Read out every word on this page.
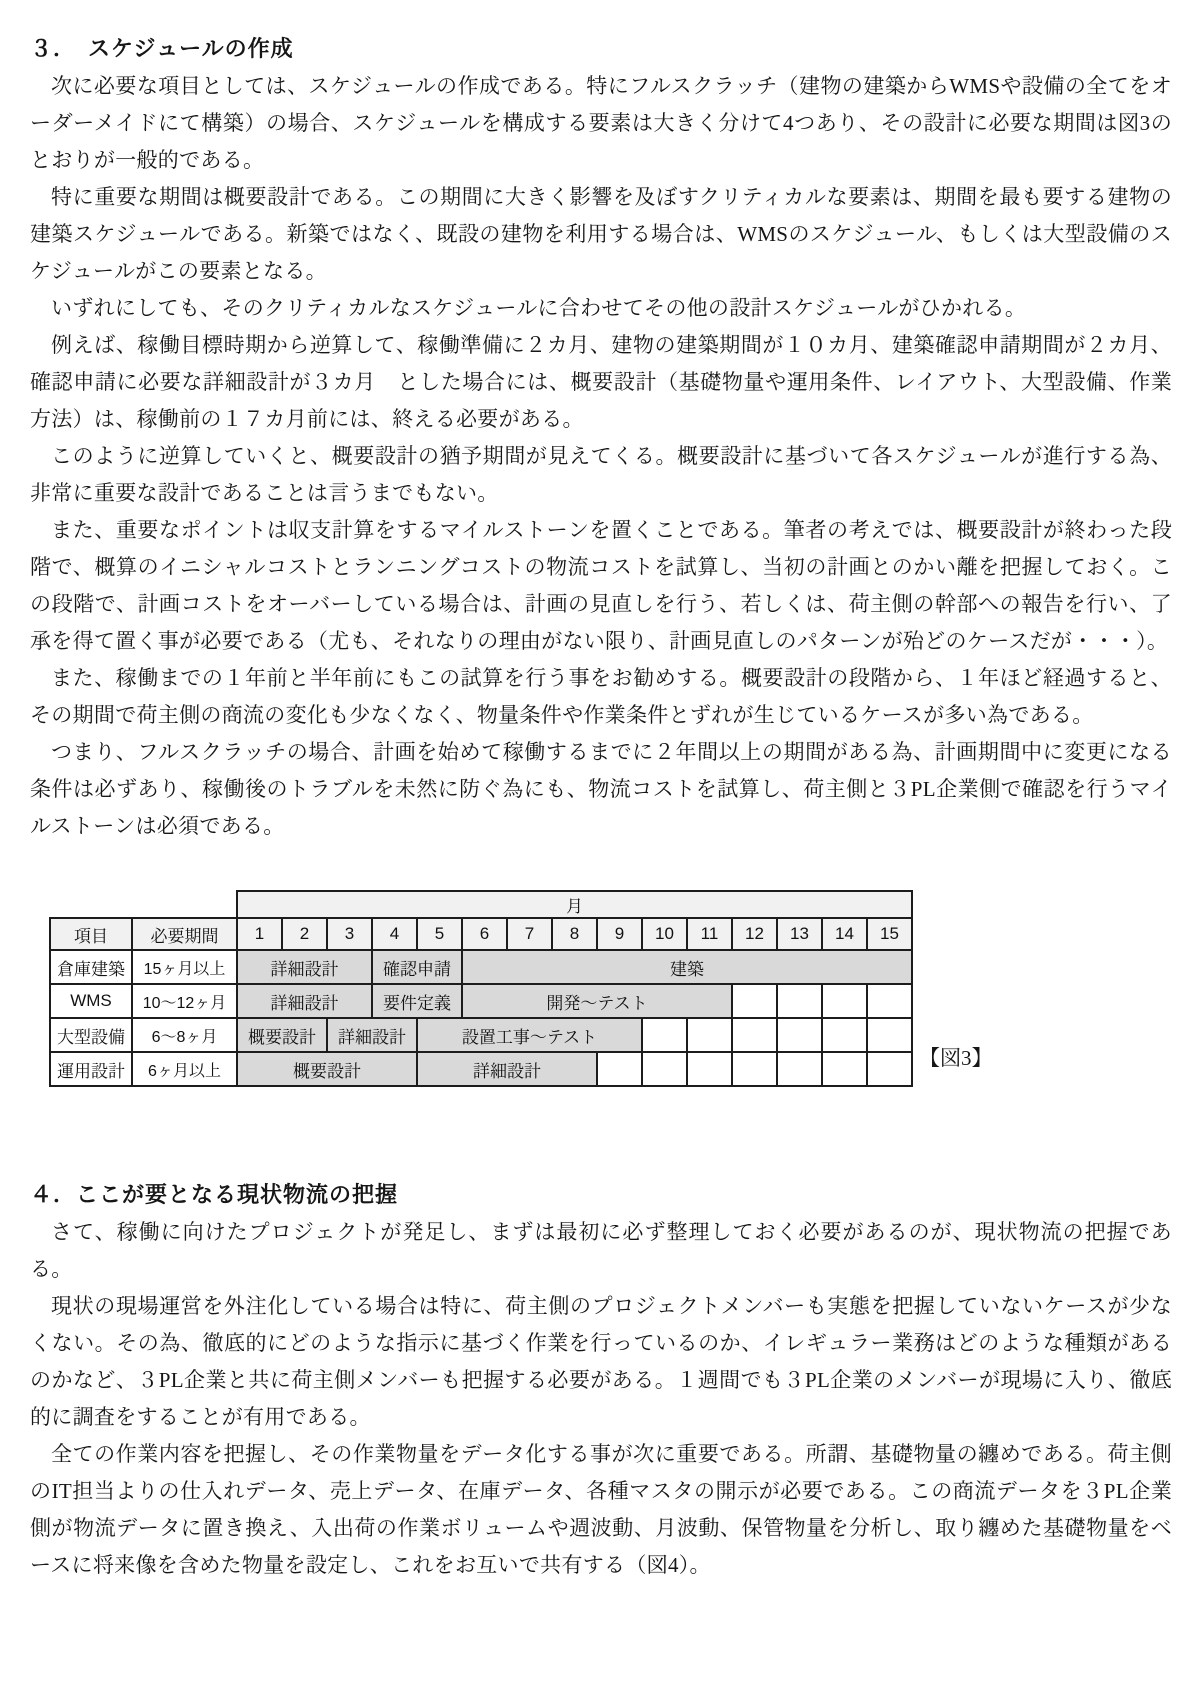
３．　スケジュールの作成

次に必要な項目としては、スケジュールの作成である。特にフルスクラッチ（建物の建築からWMSや設備の全てをオーダーメイドにて構築）の場合、スケジュールを構成する要素は大きく分けて4つあり、その設計に必要な期間は図3のとおりが一般的である。

特に重要な期間は概要設計である。この期間に大きく影響を及ぼすクリティカルな要素は、期間を最も要する建物の建築スケジュールである。新築ではなく、既設の建物を利用する場合は、WMSのスケジュール、もしくは大型設備のスケジュールがこの要素となる。

いずれにしても、そのクリティカルなスケジュールに合わせてその他の設計スケジュールがひかれる。

例えば、稼働目標時期から逆算して、稼働準備に２カ月、建物の建築期間が１０カ月、建築確認申請期間が２カ月、確認申請に必要な詳細設計が３カ月　とした場合には、概要設計（基礎物量や運用条件、レイアウト、大型設備、作業方法）は、稼働前の１７カ月前には、終える必要がある。

このように逆算していくと、概要設計の猶予期間が見えてくる。概要設計に基づいて各スケジュールが進行する為、非常に重要な設計であることは言うまでもない。

また、重要なポイントは収支計算をするマイルストーンを置くことである。筆者の考えでは、概要設計が終わった段階で、概算のイニシャルコストとランニングコストの物流コストを試算し、当初の計画とのかい離を把握しておく。この段階で、計画コストをオーバーしている場合は、計画の見直しを行う、若しくは、荷主側の幹部への報告を行い、了承を得て置く事が必要である（尤も、それなりの理由がない限り、計画見直しのパターンが殆どのケースだが・・・）。

また、稼働までの１年前と半年前にもこの試算を行う事をお勧めする。概要設計の段階から、１年ほど経過すると、その期間で荷主側の商流の変化も少なくなく、物量条件や作業条件とずれが生じているケースが多い為である。

つまり、フルスクラッチの場合、計画を始めて稼働するまでに２年間以上の期間がある為、計画期間中に変更になる条件は必ずあり、稼働後のトラブルを未然に防ぐ為にも、物流コストを試算し、荷主側と３PL企業側で確認を行うマイルストーンは必須である。

		月														
項目	必要期間	1	2	3	4	5	6	7	8	9	10	11	12	13	14	15
倉庫建築	15ヶ月以上	詳細設計			確認申請		建築									
WMS	10〜12ヶ月	詳細設計			要件定義		開発〜テスト									
大型設備	6〜8ヶ月	概要設計		詳細設計		設置工事〜テスト										
運用設計	6ヶ月以上	概要設計				詳細設計										
【図3】
４．ここが要となる現状物流の把握

さて、稼働に向けたプロジェクトが発足し、まずは最初に必ず整理しておく必要があるのが、現状物流の把握である。

現状の現場運営を外注化している場合は特に、荷主側のプロジェクトメンバーも実態を把握していないケースが少なくない。その為、徹底的にどのような指示に基づく作業を行っているのか、イレギュラー業務はどのような種類があるのかなど、３PL企業と共に荷主側メンバーも把握する必要がある。１週間でも３PL企業のメンバーが現場に入り、徹底的に調査をすることが有用である。

全ての作業内容を把握し、その作業物量をデータ化する事が次に重要である。所謂、基礎物量の纏めである。荷主側のIT担当よりの仕入れデータ、売上データ、在庫データ、各種マスタの開示が必要である。この商流データを３PL企業側が物流データに置き換え、入出荷の作業ボリュームや週波動、月波動、保管物量を分析し、取り纏めた基礎物量をベースに将来像を含めた物量を設定し、これをお互いで共有する（図4）。
